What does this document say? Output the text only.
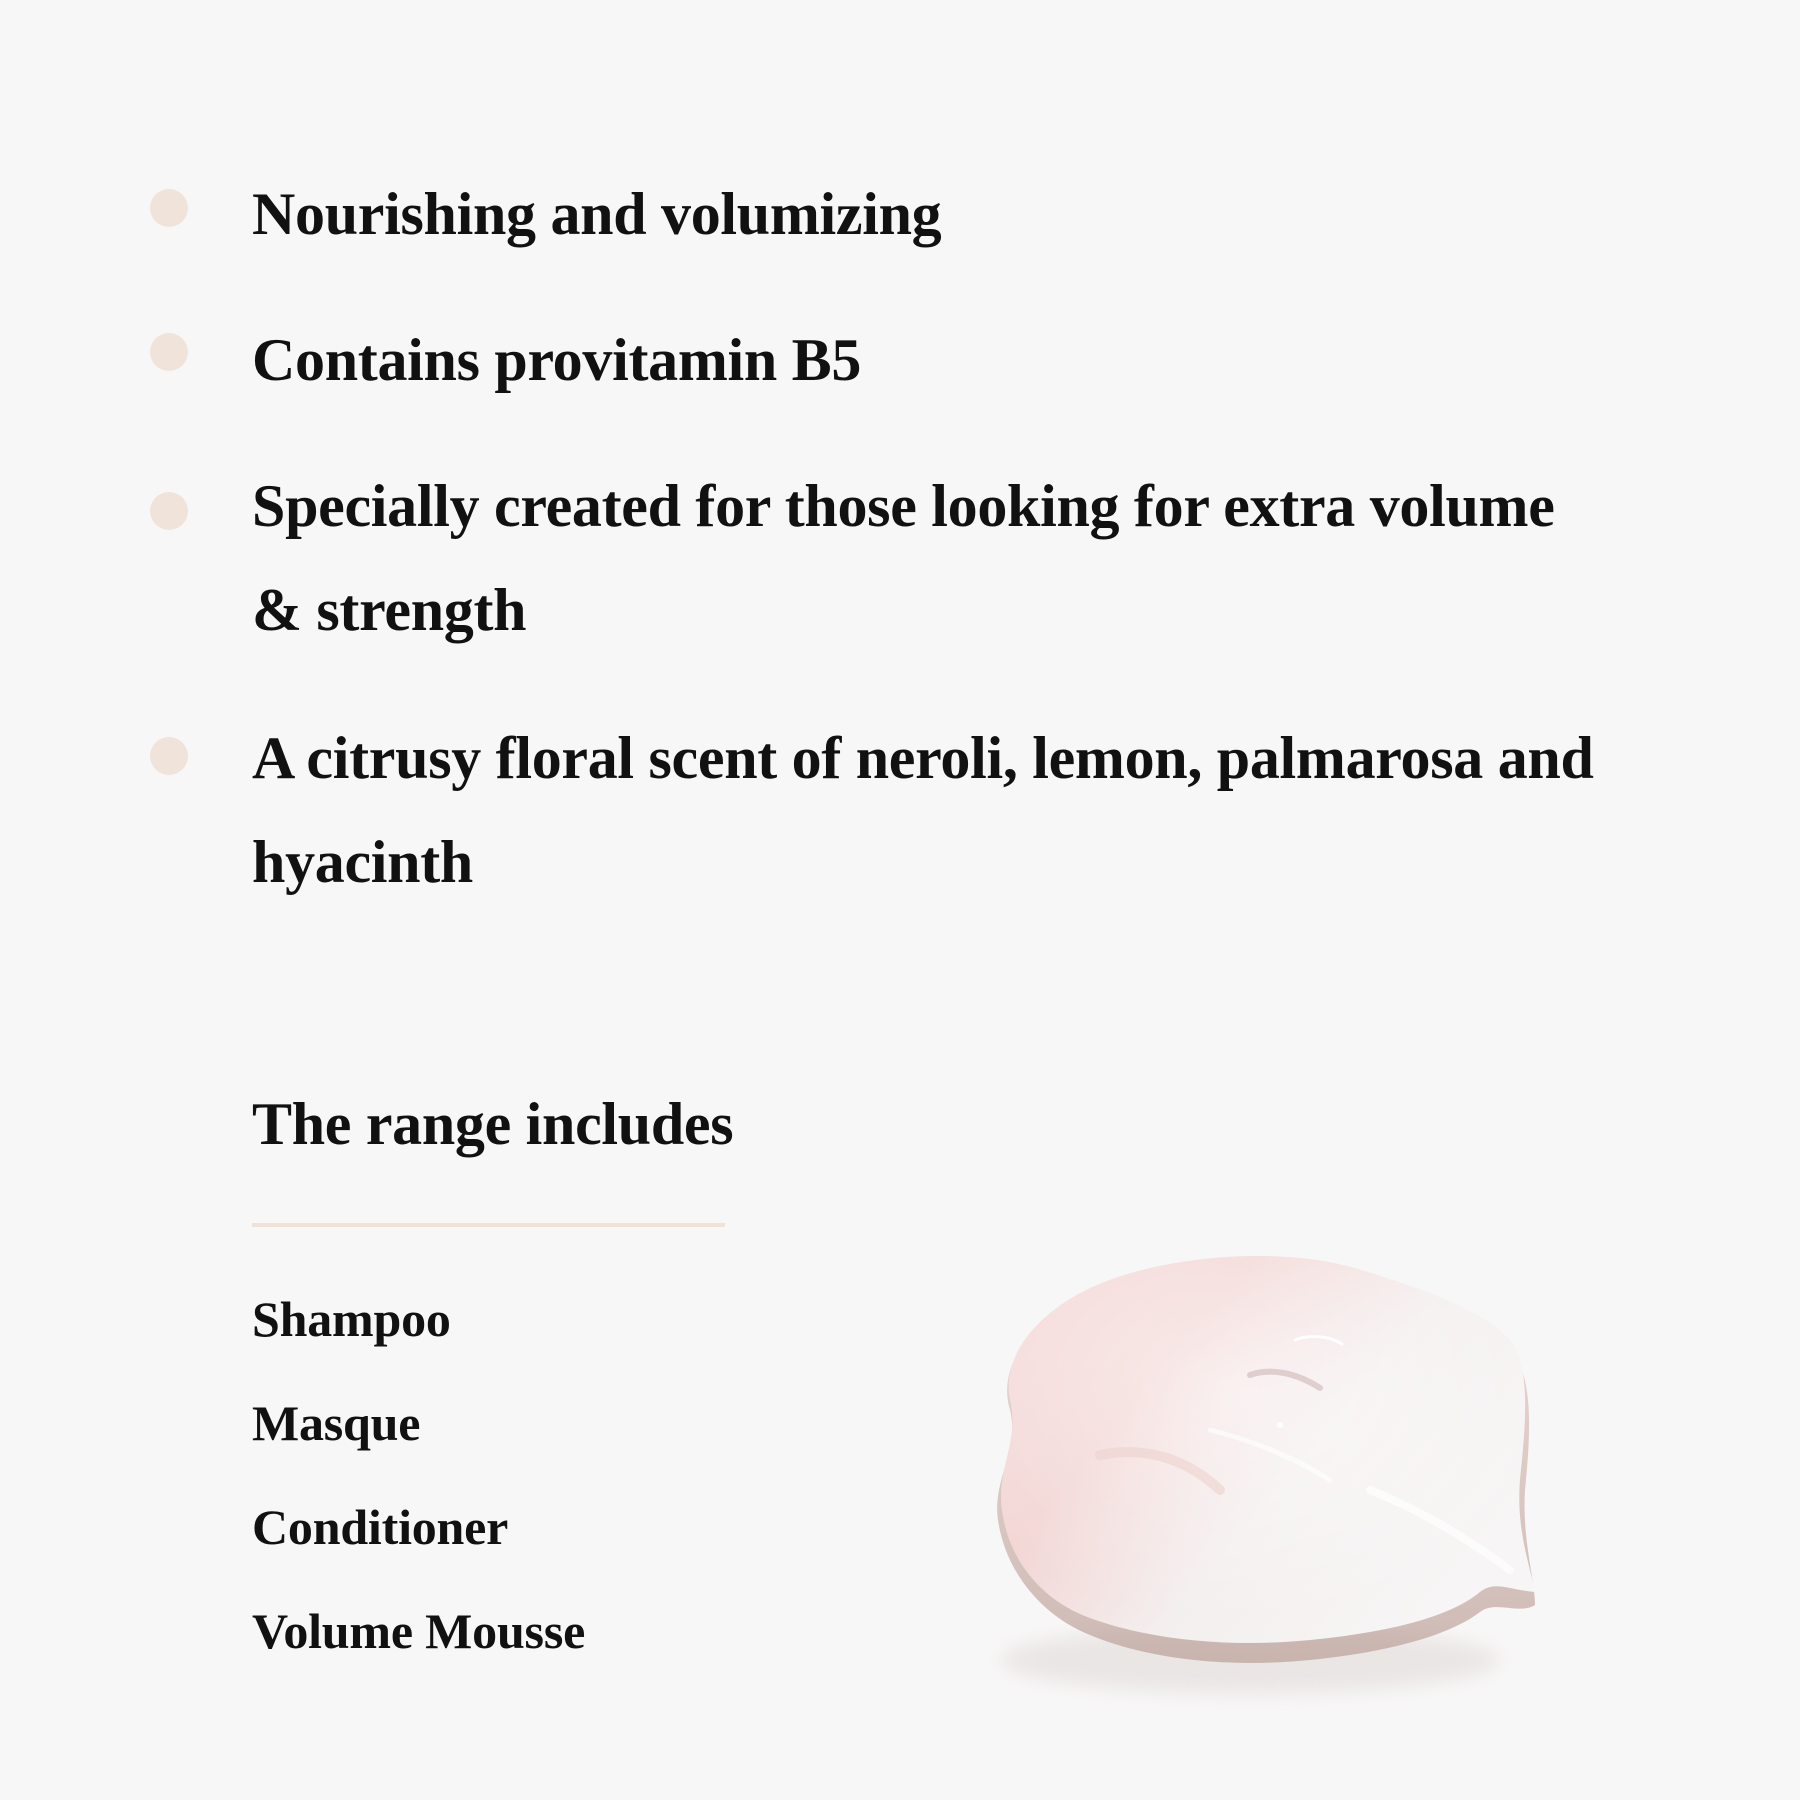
Nourishing and volumizing
Contains provitamin B5
Specially created for those looking for extra volume & strength
A citrusy floral scent of neroli, lemon, palmarosa and hyacinth
The range includes
Shampoo
Masque
Conditioner
Volume Mousse
